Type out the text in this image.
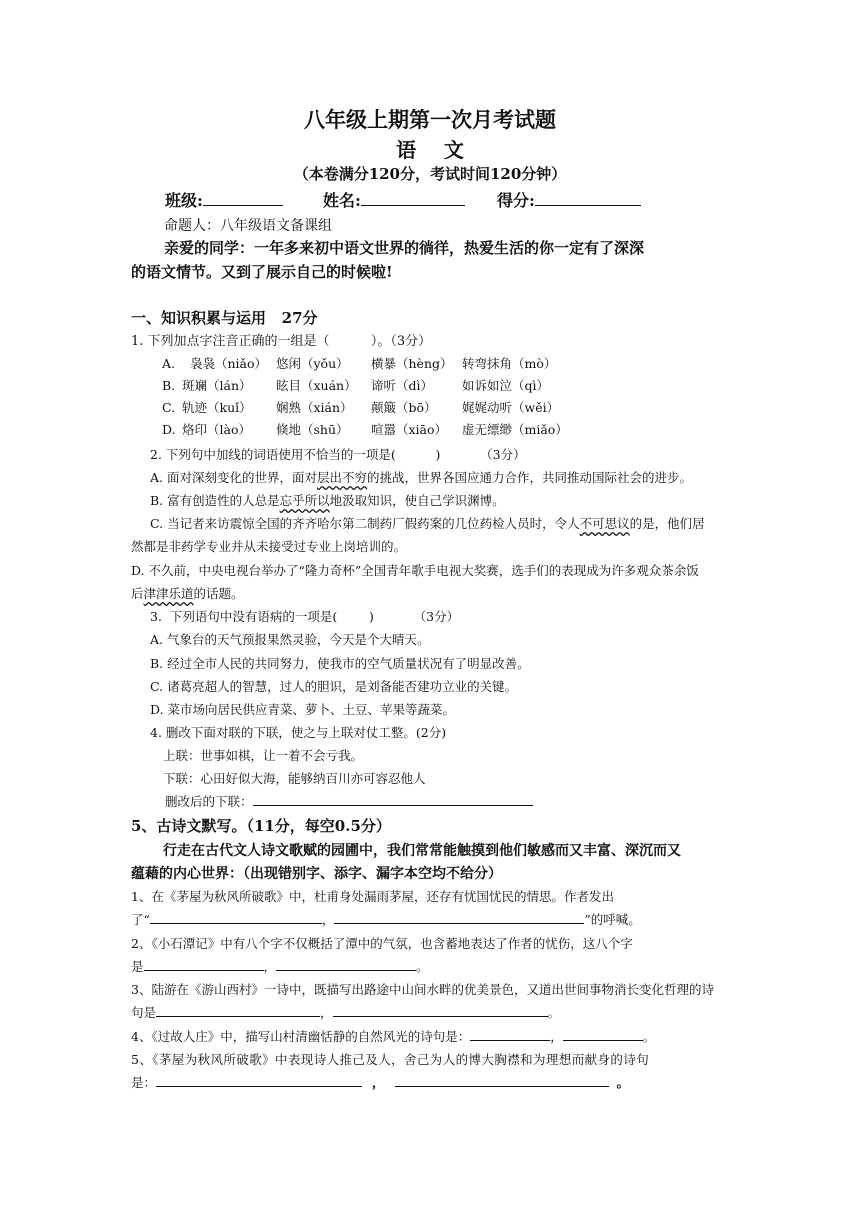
八年级上期第一次月考试题
语    文
（本卷满分120分，考试时间120分钟）
班级:	姓名:	得分:
命题人：八年级语文备课组
亲爱的同学：一年多来初中语文世界的徜徉，热爱生活的你一定有了深深
的语文情节。又到了展示自己的时候啦!
一、知识积累与运用   27分
1. 下列加点字注音正确的一组是（          ）。（3分）
A. 袅袅（niǎo） 悠闲（yǒu） 横暴（hèng） 转弯抹角（mò）
B. 斑斓（lán） 眩目（xuán） 谛听（dì） 如诉如泣（qì）
C. 轨迹（kuǐ） 娴熟（xián） 颠簸（bō） 娓娓动听（wěi）
D. 烙印（lào） 倏地（shū） 喧嚣（xiāo） 虚无缥缈（miǎo）
2. 下列句中加线的词语使用不恰当的一项是(          )          （3分）
A. 面对深刻变化的世界，面对层出不穷的挑战，世界各国应通力合作，共同推动国际社会的进步。
B. 富有创造性的人总是忘乎所以地汲取知识，使自己学识渊博。
C. 当记者来访震惊全国的齐齐哈尔第二制药厂假药案的几位药检人员时，令人不可思议的是，他们居
然都是非药学专业并从未接受过专业上岗培训的。
D. 不久前，中央电视台举办了“隆力奇杯”全国青年歌手电视大奖赛，选手们的表现成为许多观众茶余饭
后津津乐道的话题。
3.  下列语句中没有语病的一项是(        )          （3分）
A. 气象台的天气预报果然灵验，今天是个大晴天。
B. 经过全市人民的共同努力，使我市的空气质量状况有了明显改善。
C. 诸葛亮超人的智慧，过人的胆识，是刘备能否建功立业的关键。
D. 菜市场向居民供应青菜、萝卜、土豆、苹果等蔬菜。
4. 删改下面对联的下联，使之与上联对仗工整。(2分)
上联：世事如棋，让一着不会亏我。
下联：心田好似大海，能够纳百川亦可容忍他人
删改后的下联：
5、古诗文默写。（11分，每空0.5分）
行走在古代文人诗文歌赋的园圃中，我们常常能触摸到他们敏感而又丰富、深沉而又
蕴藉的内心世界：（出现错别字、添字、漏字本空均不给分）
1、在《茅屋为秋风所破歌》中，杜甫身处漏雨茅屋，还存有忧国忧民的情思。作者发出
了“	，	”的呼喊。
2、《小石潭记》中有八个字不仅概括了潭中的气氛，也含蓄地表达了作者的忧伤，这八个字
是	，	。
3、陆游在《游山西村》一诗中，既描写出路途中山间水畔的优美景色，又道出世间事物消长变化哲理的诗
句是	，	。
4、《过故人庄》中，描写山村清幽恬静的自然风光的诗句是：	，	。
5、《茅屋为秋风所破歌》中表现诗人推己及人，舍己为人的博大胸襟和为理想而献身的诗句
是：	，	。
